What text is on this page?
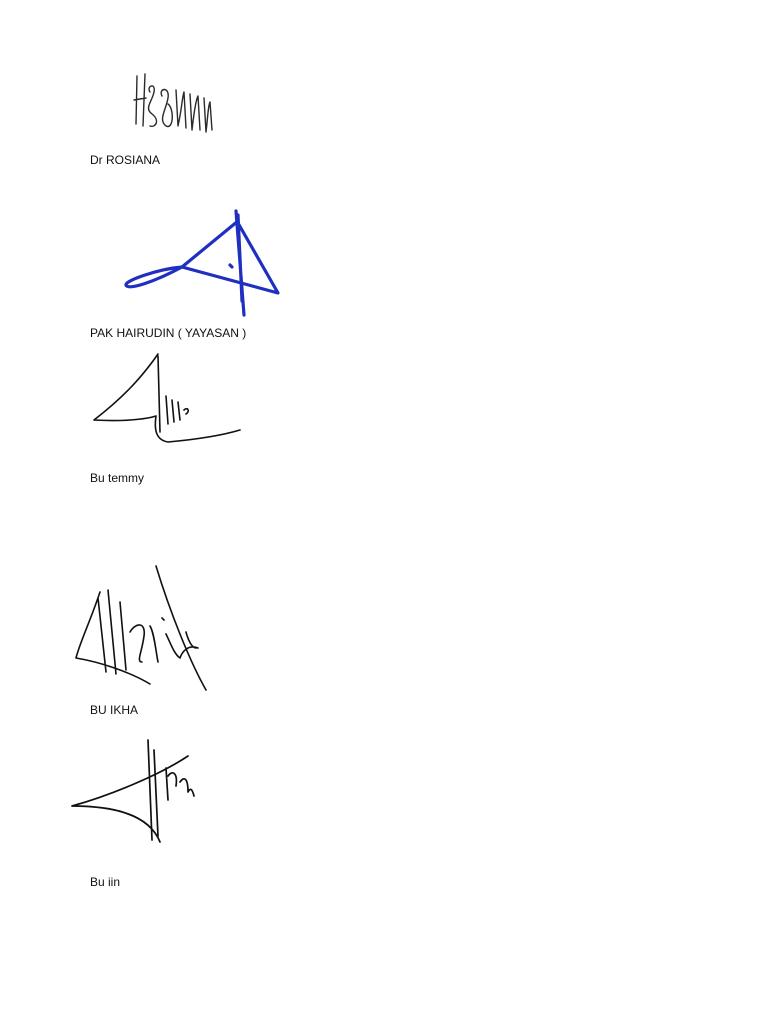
Dr ROSIANA
PAK HAIRUDIN ( YAYASAN )
Bu temmy
BU IKHA
Bu iin
